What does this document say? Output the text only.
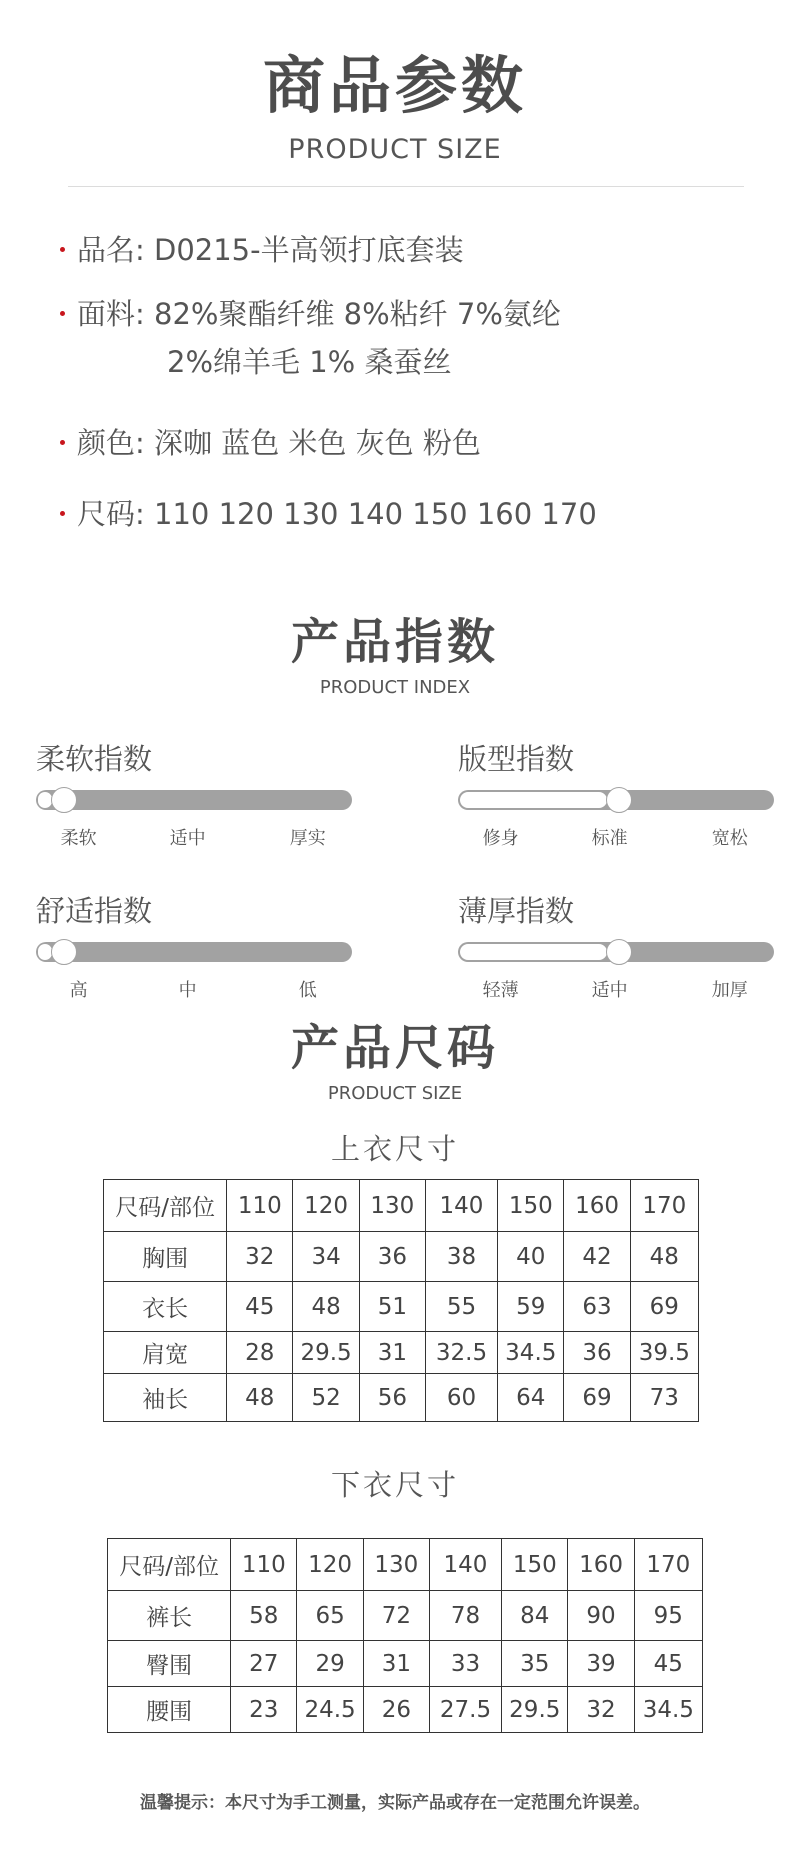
商品参数
PRODUCT SIZE
品名: D0215-半高领打底套装
面料: 82%聚酯纤维 8%粘纤 7%氨纶
2%绵羊毛 1% 桑蚕丝
颜色: 深咖 蓝色 米色 灰色 粉色
尺码: 110 120 130 140 150 160 170
产品指数
PRODUCT INDEX
柔软指数
柔软	适中	厚实
版型指数
修身	标准	宽松
舒适指数
高	中	低
薄厚指数
轻薄	适中	加厚
产品尺码
PRODUCT SIZE
上衣尺寸
尺码/部位	110	120	130	140	150	160	170
胸围	32	34	36	38	40	42	48
衣长	45	48	51	55	59	63	69
肩宽	28	29.5	31	32.5	34.5	36	39.5
袖长	48	52	56	60	64	69	73
下衣尺寸
尺码/部位	110	120	130	140	150	160	170
裤长	58	65	72	78	84	90	95
臀围	27	29	31	33	35	39	45
腰围	23	24.5	26	27.5	29.5	32	34.5
温馨提示：本尺寸为手工测量，实际产品或存在一定范围允许误差。
